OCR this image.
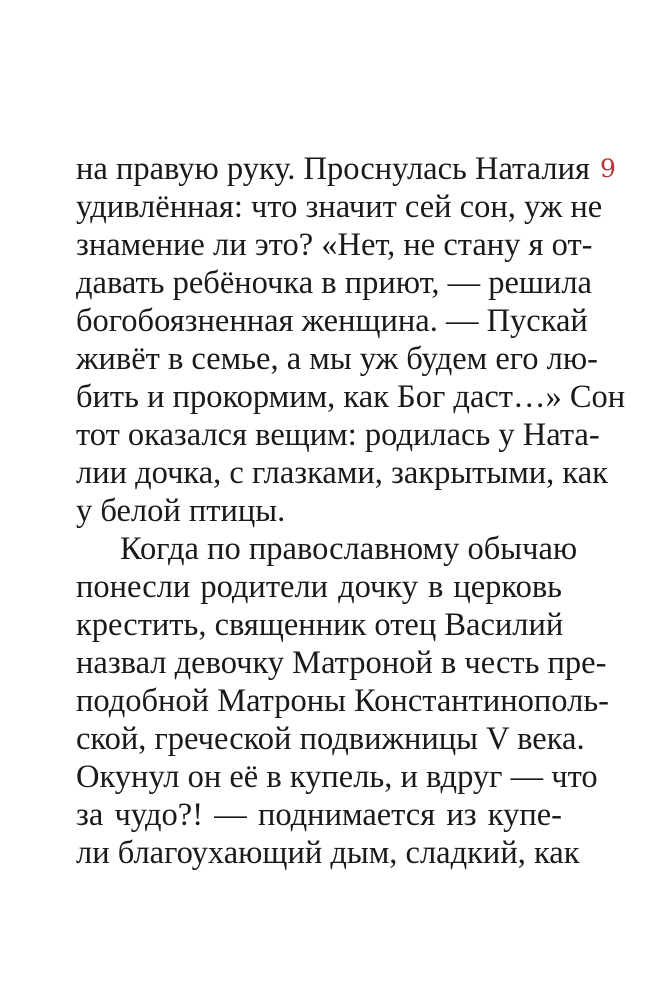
9
на правую руку. Проснулась Наталия
удивлённая: что значит сей сон, уж не
знамение ли это? «Нет, не стану я от-
давать ребёночка в приют, — решила
богобоязненная женщина. — Пускай
живёт в семье, а мы уж будем его лю-
бить и прокормим, как Бог даст…» Сон
тот оказался вещим: родилась у Ната-
лии дочка, с глазками, закрытыми, как
у белой птицы.
Когда по православному обычаю
понесли родители дочку в церковь
крестить, священник отец Василий
назвал девочку Матроной в честь пре-
подобной Матроны Константинополь-
ской, греческой подвижницы V века.
Окунул он её в купель, и вдруг — что
за чудо?! — поднимается из купе-
ли благоухающий дым, сладкий, как
